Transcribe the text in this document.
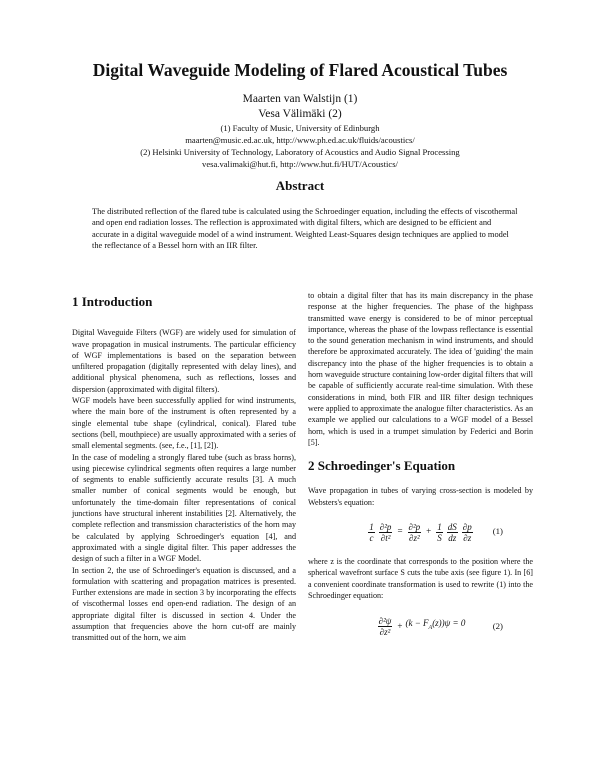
Digital Waveguide Modeling of Flared Acoustical Tubes
Maarten van Walstijn (1)
Vesa Välimäki (2)
(1) Faculty of Music, University of Edinburgh
maarten@music.ed.ac.uk, http://www.ph.ed.ac.uk/fluids/acoustics/
(2) Helsinki University of Technology, Laboratory of Acoustics and Audio Signal Processing
vesa.valimaki@hut.fi, http://www.hut.fi/HUT/Acoustics/
Abstract

The distributed reflection of the flared tube is calculated using the Schroedinger equation, including the effects of viscothermal and open end radiation losses. The reflection is approximated with digital filters, which are designed to be efficient and accurate in a digital waveguide model of a wind instrument. Weighted Least-Squares design techniques are applied to model the reflectance of a Bessel horn with an IIR filter.

1 Introduction

Digital Waveguide Filters (WGF) are widely used for simulation of wave propagation in musical instruments. The particular efficiency of WGF implementations is based on the separation between unfiltered propagation (digitally represented with delay lines), and additional physical phenomena, such as reflections, losses and dispersion (approximated with digital filters).

WGF models have been successfully applied for wind instruments, where the main bore of the instrument is often represented by a single elemental tube shape (cylindrical, conical). Flared tube sections (bell, mouthpiece) are usually approximated with a series of small elemental segments. (see, f.e., [1], [2]).

In the case of modeling a strongly flared tube (such as brass horns), using piecewise cylindrical segments often requires a large number of segments to enable sufficiently accurate results [3]. A much smaller number of conical segments would be enough, but unfortunately the time-domain filter representations of conical junctions have structural inherent instabilities [2]. Alternatively, the complete reflection and transmission characteristics of the horn may be calculated by applying Schroedinger's equation [4], and approximated with a single digital filter. This paper addresses the design of such a filter in a WGF Model.

In section 2, the use of Schroedinger's equation is discussed, and a formulation with scattering and propagation matrices is presented. Further extensions are made in section 3 by incorporating the effects of viscothermal losses end open-end radiation. The design of an appropriate digital filter is discussed in section 4. Under the assumption that frequencies above the horn cut-off are mainly transmitted out of the horn, we aim

to obtain a digital filter that has its main discrepancy in the phase response at the higher frequencies. The phase of the highpass transmitted wave energy is considered to be of minor perceptual importance, whereas the phase of the lowpass reflectance is essential to the sound generation mechanism in wind instruments, and should therefore be approximated accurately. The idea of 'guiding' the main discrepancy into the phase of the higher frequencies is to obtain a horn waveguide structure containing low-order digital filters that will be capable of sufficiently accurate real-time simulation. With these considerations in mind, both FIR and IIR filter design techniques were applied to approximate the analogue filter characteristics. As an example we applied our calculations to a WGF model of a Bessel horn, which is used in a trumpet simulation by Federici and Borin [5].

2 Schroedinger's Equation

Wave propagation in tubes of varying cross-section is modeled by Websters's equation:

$\frac{1}{c} \frac{\text{∂²p}}{\text{∂t²}} = \frac{\text{∂²p}}{\text{∂z²}} + \frac{1}{S} \frac{dS}{dz} \frac{\partial p}{\partial z} (1)$

where z is the coordinate that corresponds to the position where the spherical wavefront surface S cuts the tube axis (see figure 1). In [6] a convenient coordinate transformation is used to rewrite (1) into the Schroedinger equation:

$\frac{\text{∂²ψ}}{\text{∂z²}} + (k - F_A(z))\psi = 0$	(2)
